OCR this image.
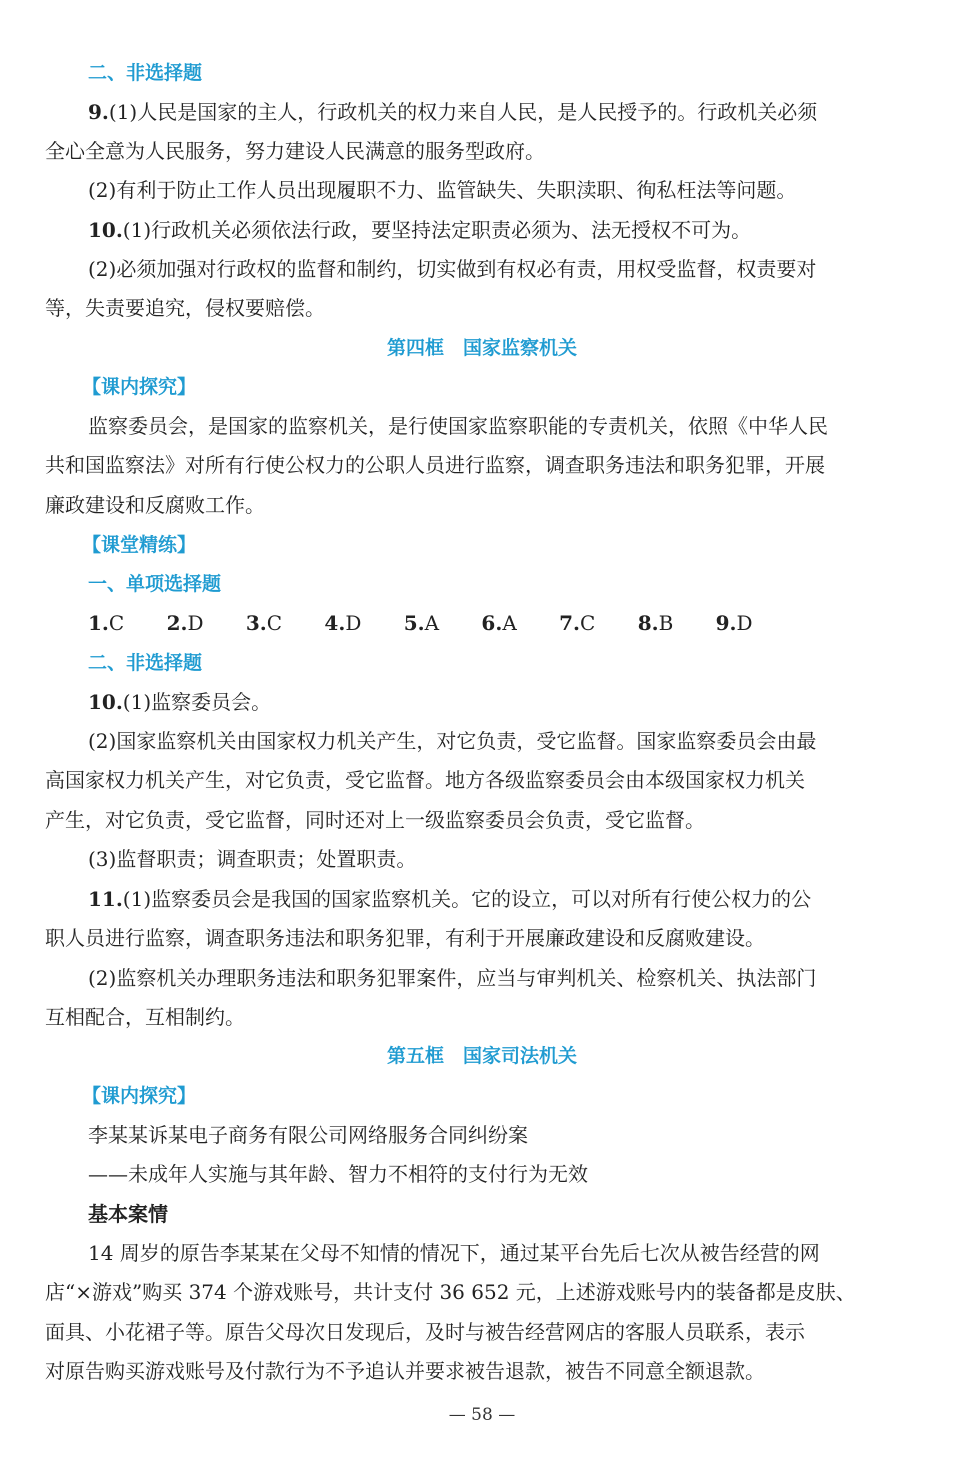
二、非选择题
9.(1)人民是国家的主人，行政机关的权力来自人民，是人民授予的。行政机关必须
全心全意为人民服务，努力建设人民满意的服务型政府。
(2)有利于防止工作人员出现履职不力、监管缺失、失职渎职、徇私枉法等问题。
10.(1)行政机关必须依法行政，要坚持法定职责必须为、法无授权不可为。
(2)必须加强对行政权的监督和制约，切实做到有权必有责，用权受监督，权责要对
等，失责要追究，侵权要赔偿。
第四框　国家监察机关
【课内探究】
监察委员会，是国家的监察机关，是行使国家监察职能的专责机关，依照《中华人民
共和国监察法》对所有行使公权力的公职人员进行监察，调查职务违法和职务犯罪，开展
廉政建设和反腐败工作。
【课堂精练】
一、单项选择题
1.C 2.D 3.C 4.D 5.A 6.A 7.C 8.B 9.D
二、非选择题
10.(1)监察委员会。
(2)国家监察机关由国家权力机关产生，对它负责，受它监督。国家监察委员会由最
高国家权力机关产生，对它负责，受它监督。地方各级监察委员会由本级国家权力机关
产生，对它负责，受它监督，同时还对上一级监察委员会负责，受它监督。
(3)监督职责；调查职责；处置职责。
11.(1)监察委员会是我国的国家监察机关。它的设立，可以对所有行使公权力的公
职人员进行监察，调查职务违法和职务犯罪，有利于开展廉政建设和反腐败建设。
(2)监察机关办理职务违法和职务犯罪案件，应当与审判机关、检察机关、执法部门
互相配合，互相制约。
第五框　国家司法机关
【课内探究】
李某某诉某电子商务有限公司网络服务合同纠纷案
——未成年人实施与其年龄、智力不相符的支付行为无效
基本案情
14 周岁的原告李某某在父母不知情的情况下，通过某平台先后七次从被告经营的网
店“×游戏”购买 374 个游戏账号，共计支付 36 652 元，上述游戏账号内的装备都是皮肤、
面具、小花裙子等。原告父母次日发现后，及时与被告经营网店的客服人员联系，表示
对原告购买游戏账号及付款行为不予追认并要求被告退款，被告不同意全额退款。
— 58 —
